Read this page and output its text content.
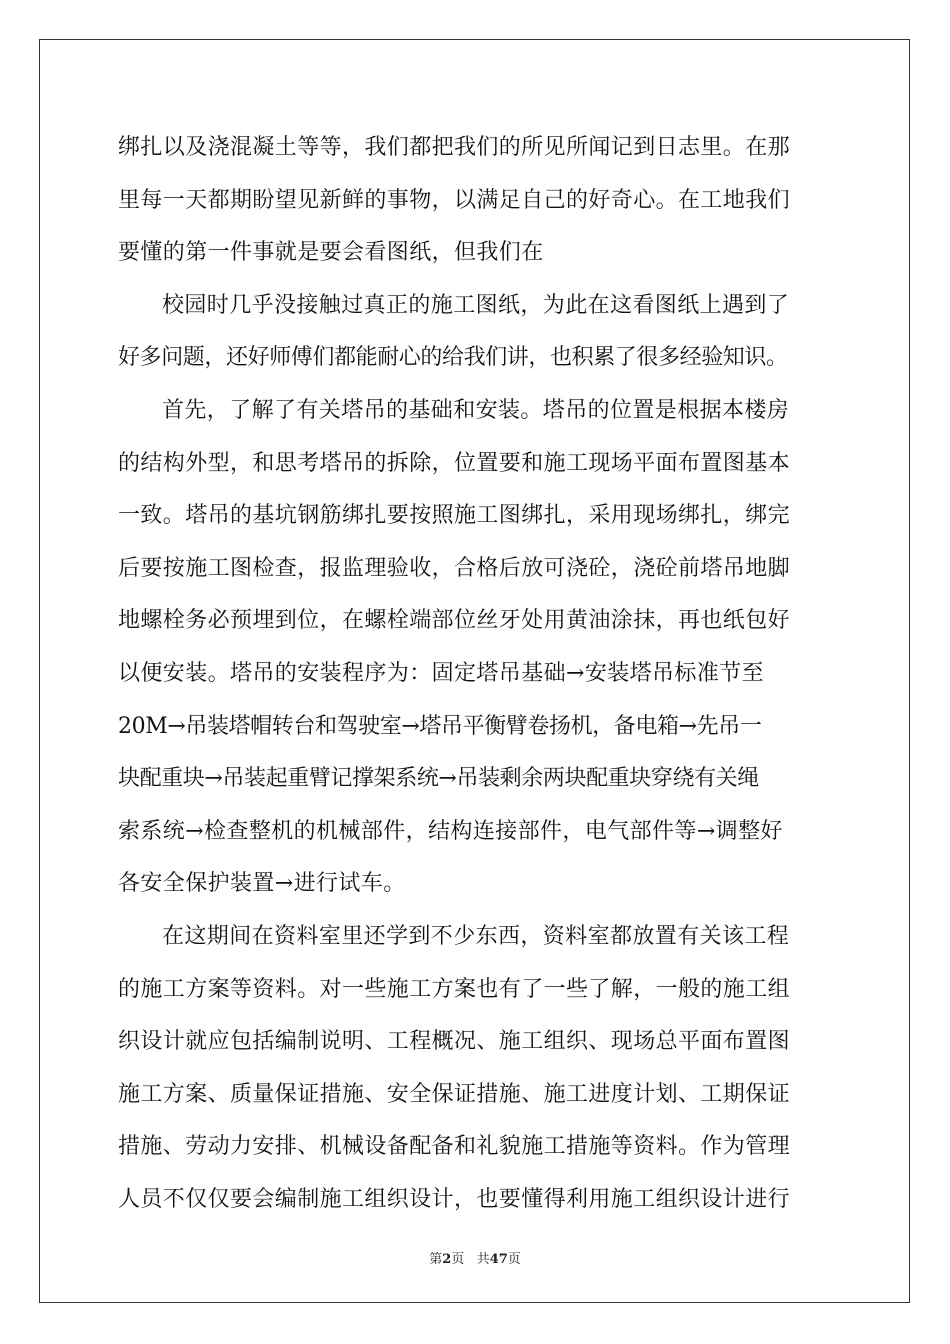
绑扎以及浇混凝土等等，我们都把我们的所见所闻记到日志里。在那
里每一天都期盼望见新鲜的事物，以满足自己的好奇心。在工地我们
要懂的第一件事就是要会看图纸，但我们在
校园时几乎没接触过真正的施工图纸，为此在这看图纸上遇到了
好多问题，还好师傅们都能耐心的给我们讲，也积累了很多经验知识。
首先，了解了有关塔吊的基础和安装。塔吊的位置是根据本楼房
的结构外型，和思考塔吊的拆除，位置要和施工现场平面布置图基本
一致。塔吊的基坑钢筋绑扎要按照施工图绑扎，采用现场绑扎，绑完
后要按施工图检查，报监理验收，合格后放可浇砼，浇砼前塔吊地脚
地螺栓务必预埋到位，在螺栓端部位丝牙处用黄油涂抹，再也纸包好
以便安装。塔吊的安装程序为：固定塔吊基础→安装塔吊标准节至
20M→吊装塔帽转台和驾驶室→塔吊平衡臂卷扬机，备电箱→先吊一
块配重块→吊装起重臂记撑架系统→吊装剩余两块配重块穿绕有关绳
索系统→检查整机的机械部件，结构连接部件，电气部件等→调整好
各安全保护装置→进行试车。
在这期间在资料室里还学到不少东西，资料室都放置有关该工程
的施工方案等资料。对一些施工方案也有了一些了解，一般的施工组
织设计就应包括编制说明、工程概况、施工组织、现场总平面布置图
施工方案、质量保证措施、安全保证措施、施工进度计划、工期保证
措施、劳动力安排、机械设备配备和礼貌施工措施等资料。作为管理
人员不仅仅要会编制施工组织设计，也要懂得利用施工组织设计进行
第2页 共47页
